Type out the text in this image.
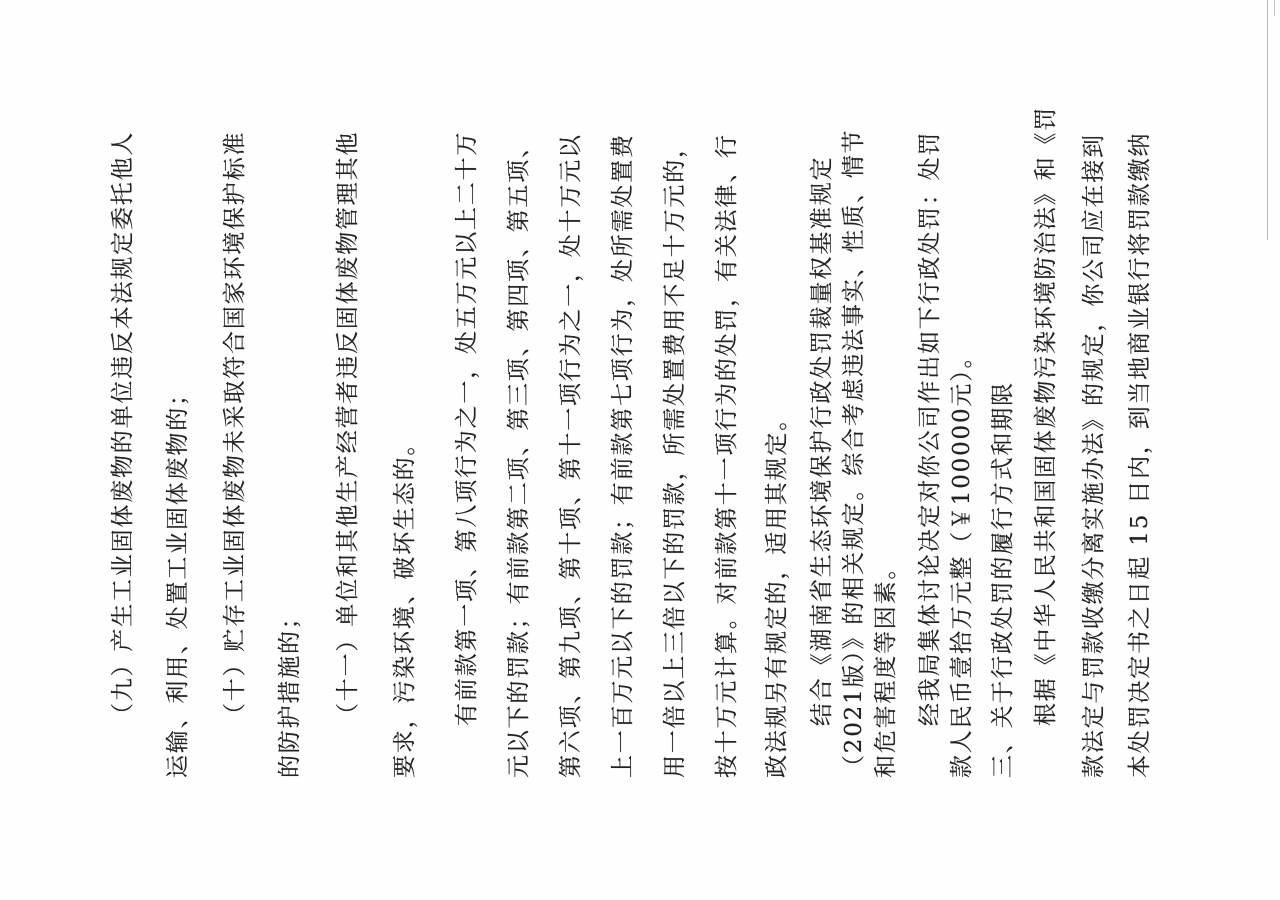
（九）产生工业固体废物的单位违反本法规定委托他人 运输、利用、处置工业固体废物的； （十）贮存工业固体废物未采取符合国家环境保护标准 的防护措施的； （十一）单位和其他生产经营者违反固体废物管理其他 要求，污染环境、破坏生态的。 有前款第一项、第八项行为之一，处五万元以上二十万 元以下的罚款；有前款第二项、第三项、第四项、第五项、 第六项、第九项、第十项、第十一项行为之一，处十万元以 上一百万元以下的罚款；有前款第七项行为，处所需处置费 用一倍以上三倍以下的罚款，所需处置费用不足十万元的， 按十万元计算。对前款第十一项行为的处罚，有关法律、行 政法规另有规定的，适用其规定。 结合《湖南省生态环境保护行政处罚裁量权基准规定 （2021版）》的相关规定。综合考虑违法事实、性质、情节 和危害程度等因素。 经我局集体讨论决定对你公司作出如下行政处罚：处罚 款人民币壹拾万元整（￥100000元）。 三、关于行政处罚的履行方式和期限 根据《中华人民共和国固体废物污染环境防治法》和《罚 款法定与罚款收缴分离实施办法》的规定，你公司应在接到 本处罚决定书之日起 15 日内，到当地商业银行将罚款缴纳
